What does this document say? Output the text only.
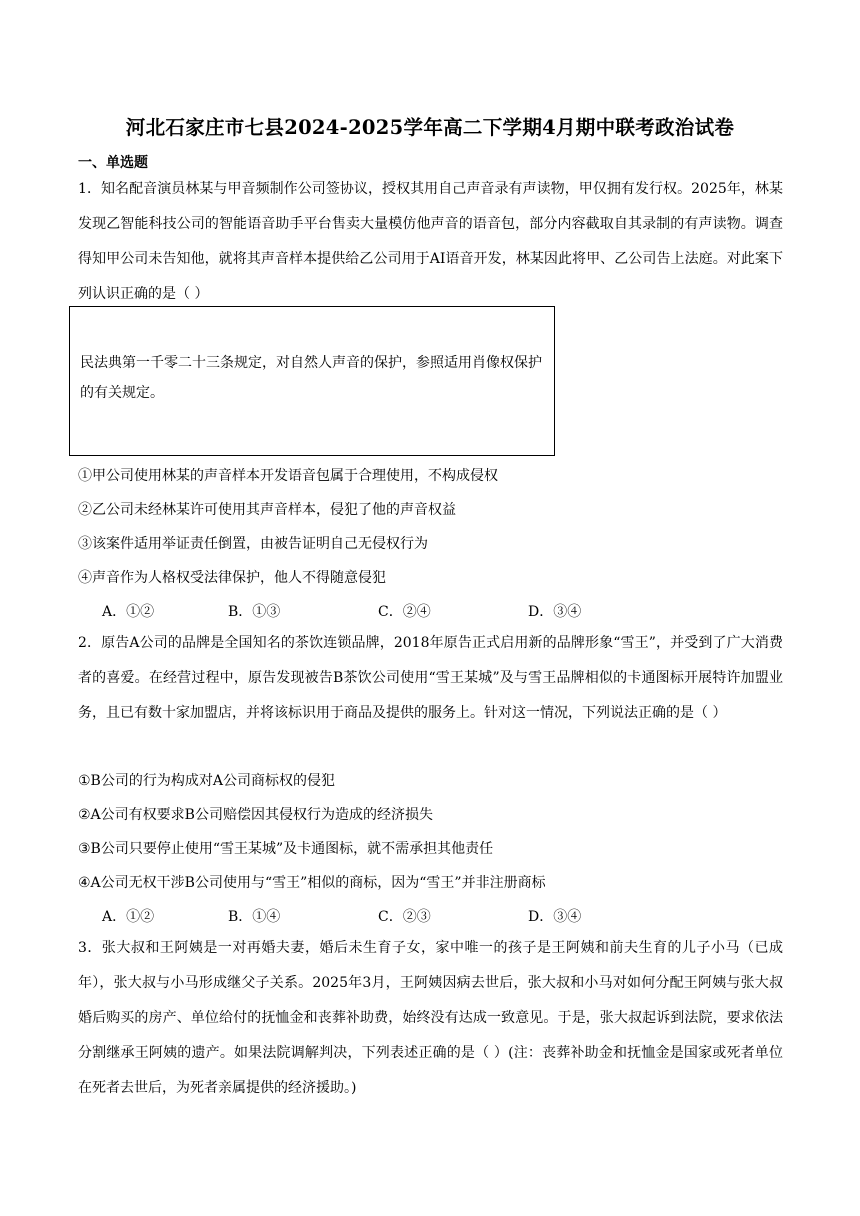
河北石家庄市七县2024-2025学年高二下学期4月期中联考政治试卷
一、单选题
1．知名配音演员林某与甲音频制作公司签协议，授权其用自己声音录有声读物，甲仅拥有发行权。2025年，林某发现乙智能科技公司的智能语音助手平台售卖大量模仿他声音的语音包，部分内容截取自其录制的有声读物。调查得知甲公司未告知他，就将其声音样本提供给乙公司用于AI语音开发，林某因此将甲、乙公司告上法庭。对此案下列认识正确的是（ ）
民法典第一千零二十三条规定，对自然人声音的保护，参照适用肖像权保护的有关规定。
①甲公司使用林某的声音样本开发语音包属于合理使用，不构成侵权
②乙公司未经林某许可使用其声音样本，侵犯了他的声音权益
③该案件适用举证责任倒置，由被告证明自己无侵权行为
④声音作为人格权受法律保护，他人不得随意侵犯
A．①②	B．①③	C．②④	D．③④
2．原告A公司的品牌是全国知名的茶饮连锁品牌，2018年原告正式启用新的品牌形象“雪王”，并受到了广大消费者的喜爱。在经营过程中，原告发现被告B茶饮公司使用“雪王某城”及与雪王品牌相似的卡通图标开展特许加盟业务，且已有数十家加盟店，并将该标识用于商品及提供的服务上。针对这一情况，下列说法正确的是（ ）
①B公司的行为构成对A公司商标权的侵犯
②A公司有权要求B公司赔偿因其侵权行为造成的经济损失
③B公司只要停止使用“雪王某城”及卡通图标，就不需承担其他责任
④A公司无权干涉B公司使用与“雪王”相似的商标，因为“雪王”并非注册商标
A．①②	B．①④	C．②③	D．③④
3．张大叔和王阿姨是一对再婚夫妻，婚后未生育子女，家中唯一的孩子是王阿姨和前夫生育的儿子小马（已成年），张大叔与小马形成继父子关系。2025年3月，王阿姨因病去世后，张大叔和小马对如何分配王阿姨与张大叔婚后购买的房产、单位给付的抚恤金和丧葬补助费，始终没有达成一致意见。于是，张大叔起诉到法院，要求依法分割继承王阿姨的遗产。如果法院调解判决，下列表述正确的是（ ）(注：丧葬补助金和抚恤金是国家或死者单位在死者去世后，为死者亲属提供的经济援助。)
